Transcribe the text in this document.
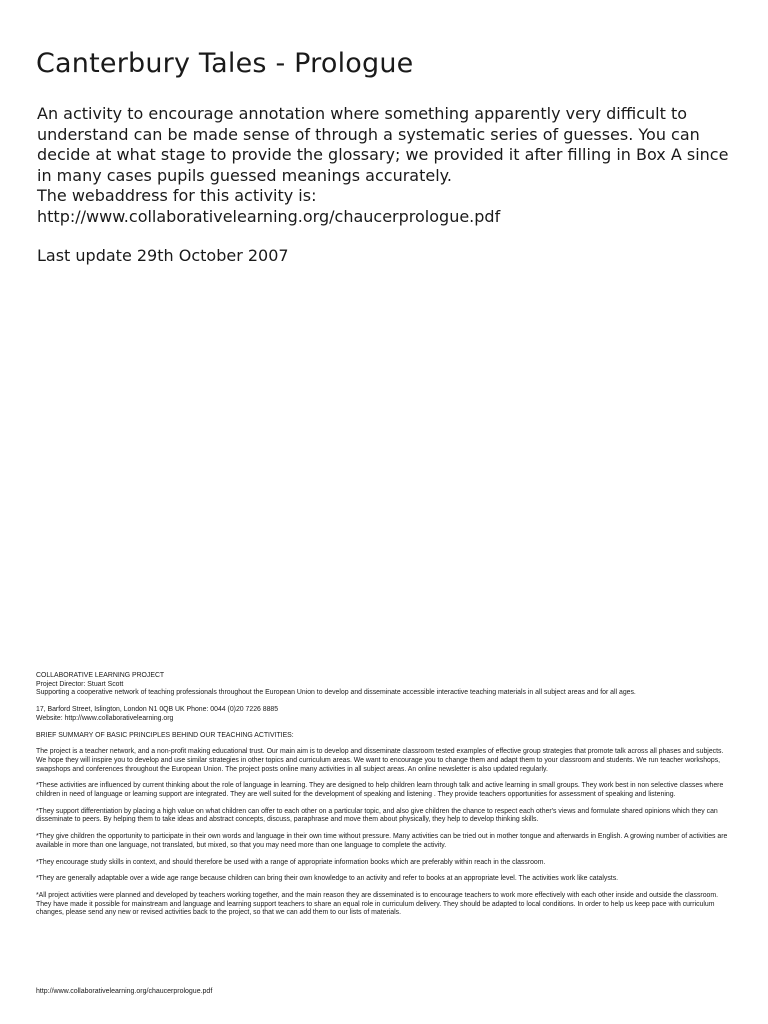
Canterbury Tales - Prologue

An activity to encourage annotation where something apparently very difficult to understand can be made sense of through a systematic series of guesses. You can decide at what stage to provide the glossary; we provided it after filling in Box A since in many cases pupils guessed meanings accurately.

The webaddress for this activity is:

http://www.collaborativelearning.org/chaucerprologue.pdf

Last update 29th October 2007

COLLABORATIVE LEARNING PROJECT

Project Director: Stuart Scott

Supporting a cooperative network of teaching professionals throughout the European Union to develop and disseminate accessible interactive teaching materials in all subject areas and for all ages.

17, Barford Street, Islington, London N1 0QB UK Phone: 0044 (0)20 7226 8885

Website: http://www.collaborativelearning.org

BRIEF SUMMARY OF BASIC PRINCIPLES BEHIND OUR TEACHING ACTIVITIES:

The project is a teacher network, and a non-profit making educational trust. Our main aim is to develop and disseminate classroom tested examples of effective group strategies that promote talk across all phases and subjects. We hope they will inspire you to develop and use similar strategies in other topics and curriculum areas. We want to encourage you to change them and adapt them to your classroom and students. We run teacher workshops, swapshops and conferences throughout the European Union. The project posts online many activities in all subject areas. An online newsletter is also updated regularly.

*These activities are influenced by current thinking about the role of language in learning. They are designed to help children learn through talk and active learning in small groups. They work best in non selective classes where children in need of language or learning support are integrated. They are well suited for the development of speaking and listening . They provide teachers opportunities for assessment of speaking and listening.
*They support differentiation by placing a high value on what children can offer to each other on a particular topic, and also give children the chance to respect each other's views and formulate shared opinions which they can disseminate to peers. By helping them to take ideas and abstract concepts, discuss, paraphrase and move them about physically, they help to develop thinking skills.
*They give children the opportunity to participate in their own words and language in their own time without pressure. Many activities can be tried out in mother tongue and afterwards in English. A growing number of activities are available in more than one language, not translated, but mixed, so that you may need more than one language to complete the activity.
*They encourage study skills in context, and should therefore be used with a range of appropriate information books which are preferably within reach in the classroom.
*They are generally adaptable over a wide age range because children can bring their own knowledge to an activity and refer to books at an appropriate level. The activities work like catalysts.
*All project activities were planned and developed by teachers working together, and the main reason they are disseminated is to encourage teachers to work more effectively with each other inside and outside the classroom. They have made it possible for mainstream and language and learning support teachers to share an equal role in curriculum delivery. They should be adapted to local conditions. In order to help us keep pace with curriculum changes, please send any new or revised activities back to the project, so that we can add them to our lists of materials.

http://www.collaborativelearning.org/chaucerprologue.pdf
